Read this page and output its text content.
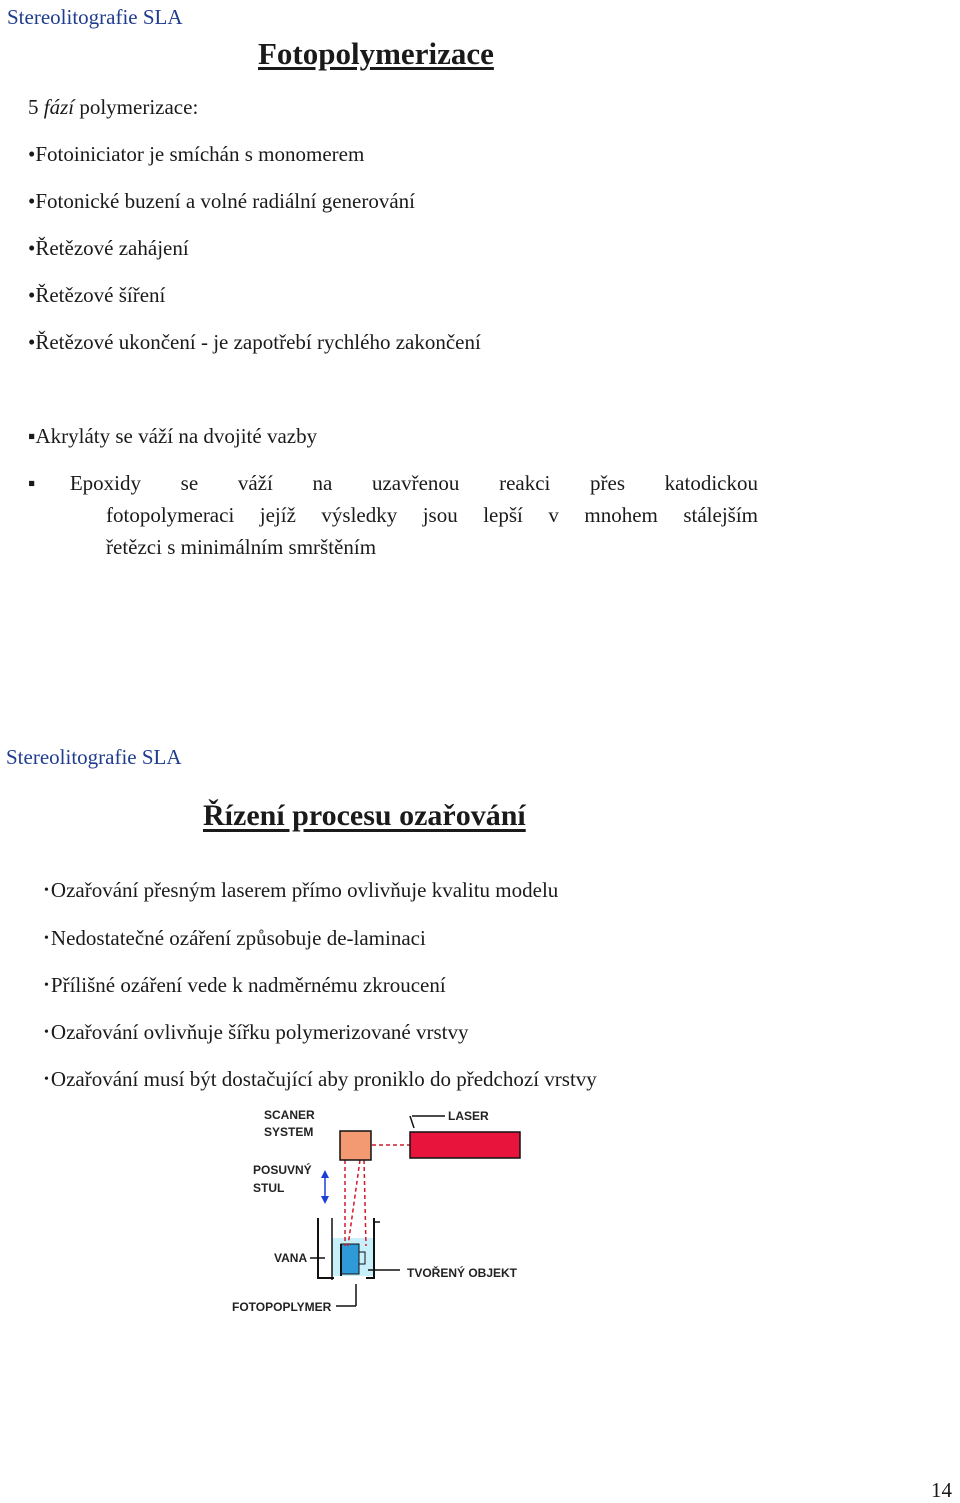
Stereolitografie SLA
Fotopolymerizace
5 fází polymerizace:
•Fotoiniciator je smíchán s monomerem
•Fotonické buzení a volné radiální generování
•Řetězové zahájení
•Řetězové šíření
•Řetězové ukončení - je zapotřebí rychlého zakončení
▪Akryláty se váží na dvojité vazby
▪Epoxidy se váží na uzavřenou reakci přes katodickou
fotopolymeraci jejíž výsledky jsou lepší v mnohem stálejším
řetězci s minimálním smrštěním
Stereolitografie SLA
Řízení procesu ozařování
•Ozařování přesným laserem přímo ovlivňuje kvalitu modelu
•Nedostatečné ozáření způsobuje de-laminaci
•Přílišné ozáření vede k nadměrnému zkroucení
•Ozařování ovlivňuje šířku polymerizované vrstvy
•Ozařování musí být dostačující aby proniklo do předchozí vrstvy
SCANER
SYSTEM
LASER
POSUVNÝ
STUL
VANA
TVOŘENÝ OBJEKT
FOTOPOPLYMER
14
